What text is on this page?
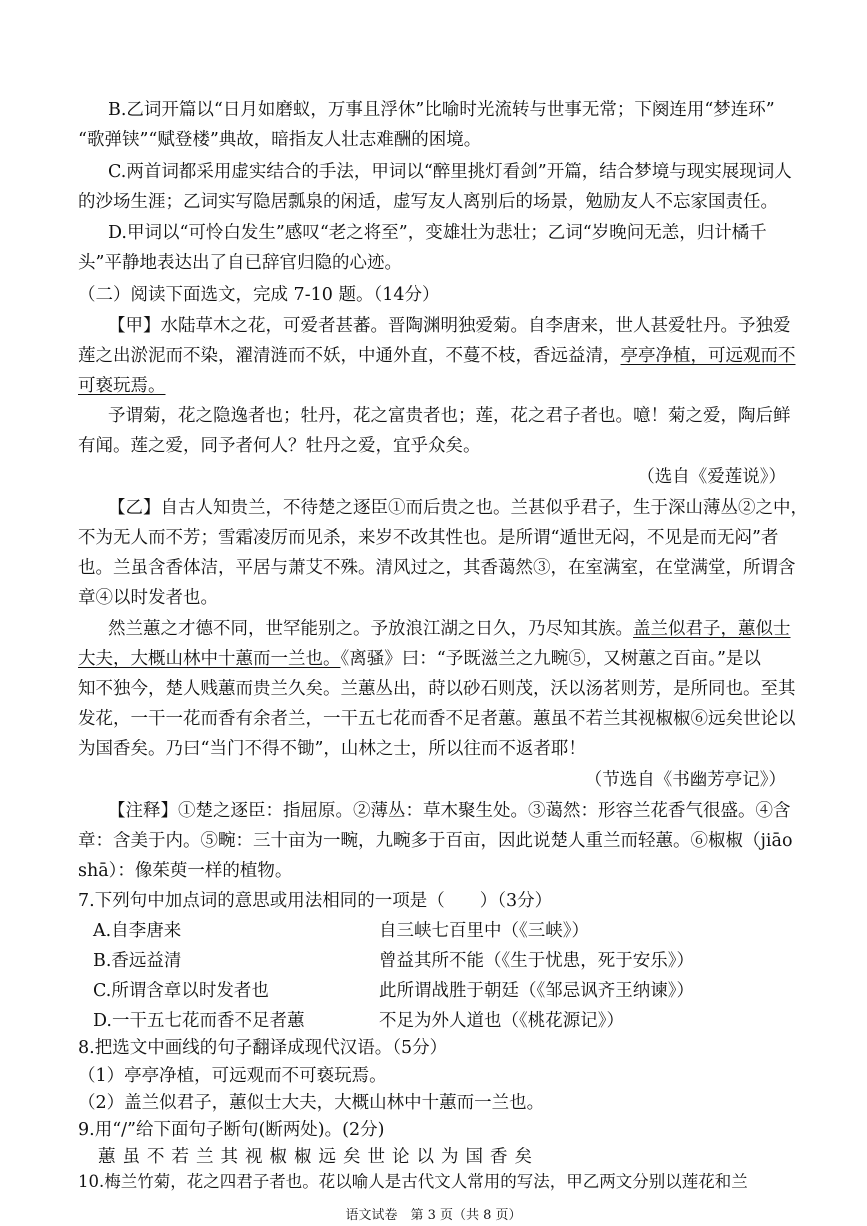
B.乙词开篇以“日月如磨蚁，万事且浮休”比喻时光流转与世事无常；下阕连用“梦连环”
“歌弹铗”“赋登楼”典故，暗指友人壮志难酬的困境。
C.两首词都采用虚实结合的手法，甲词以“醉里挑灯看剑”开篇，结合梦境与现实展现词人
的沙场生涯；乙词实写隐居瓢泉的闲适，虚写友人离别后的场景，勉励友人不忘家国责任。
D.甲词以“可怜白发生”感叹“老之将至”，变雄壮为悲壮；乙词“岁晚问无恙，归计橘千
头”平静地表达出了自已辞官归隐的心迹。
（二）阅读下面选文，完成 7-10 题。（14分）
【甲】水陆草木之花，可爱者甚蕃。晋陶渊明独爱菊。自李唐来，世人甚爱牡丹。予独爱
莲之出淤泥而不染，濯清涟而不妖，中通外直，不蔓不枝，香远益清，亭亭净植，可远观而不
可亵玩焉。
予谓菊，花之隐逸者也；牡丹，花之富贵者也；莲，花之君子者也。噫！菊之爱，陶后鲜
有闻。莲之爱，同予者何人？牡丹之爱，宜乎众矣。
（选自《爱莲说》）
【乙】自古人知贵兰，不待楚之逐臣①而后贵之也。兰甚似乎君子，生于深山薄丛②之中，
不为无人而不芳；雪霜凌厉而见杀，来岁不改其性也。是所谓“遁世无闷，不见是而无闷”者
也。兰虽含香体洁，平居与萧艾不殊。清风过之，其香蔼然③，在室满室，在堂满堂，所谓含
章④以时发者也。
然兰蕙之才德不同，世罕能别之。予放浪江湖之日久，乃尽知其族。盖兰似君子，蕙似士
大夫，大概山林中十蕙而一兰也。《离骚》曰：“予既滋兰之九畹⑤，又树蕙之百亩。”是以
知不独今，楚人贱蕙而贵兰久矣。兰蕙丛出，莳以砂石则茂，沃以汤茗则芳，是所同也。至其
发花，一干一花而香有余者兰，一干五七花而香不足者蕙。蕙虽不若兰其视椒椒⑥远矣世论以
为国香矣。乃曰“当门不得不锄”，山林之士，所以往而不返者耶！
（节选自《书幽芳亭记》）
【注释】①楚之逐臣：指屈原。②薄丛：草木聚生处。③蔼然：形容兰花香气很盛。④含
章：含美于内。⑤畹：三十亩为一畹，九畹多于百亩，因此说楚人重兰而轻蕙。⑥椒椒（jiāo
shā）：像茱萸一样的植物。
7.下列句中加点词的意思或用法相同的一项是（　　）（3分）
A.自李唐来	自三峡七百里中（《三峡》）
B.香远益清	曾益其所不能（《生于忧患，死于安乐》）
C.所谓含章以时发者也	此所谓战胜于朝廷（《邹忌讽齐王纳谏》）
D.一干五七花而香不足者蕙	不足为外人道也（《桃花源记》）
8.把选文中画线的句子翻译成现代汉语。（5分）
（1）亭亭净植，可远观而不可亵玩焉。
（2）盖兰似君子，蕙似士大夫，大概山林中十蕙而一兰也。
9.用“/”给下面句子断句(断两处)。(2分)
蕙虽不若兰其视椒椒远矣世论以为国香矣
语文试卷　第 3 页（共 8 页）
10.梅兰竹菊，花之四君子者也。花以喻人是古代文人常用的写法，甲乙两文分别以莲花和兰
